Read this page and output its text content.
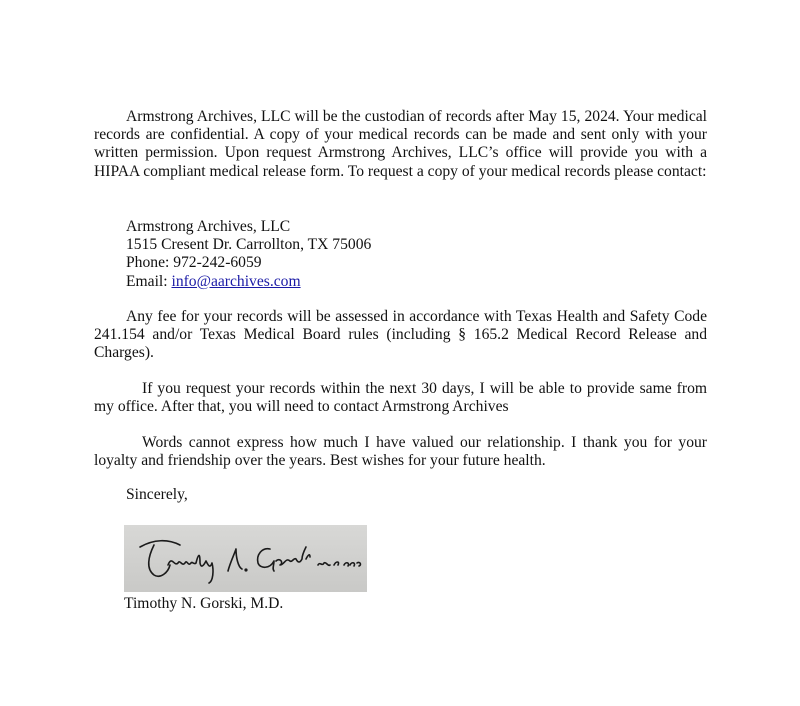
Armstrong Archives, LLC will be the custodian of records after May 15, 2024. Your medical records are confidential. A copy of your medical records can be made and sent only with your written permission. Upon request Armstrong Archives, LLC’s office will provide you with a HIPAA compliant medical release form. To request a copy of your medical records please contact:

Armstrong Archives, LLC
1515 Cresent Dr. Carrollton, TX 75006
Phone: 972-242-6059
Email: info@aarchives.com

Any fee for your records will be assessed in accordance with Texas Health and Safety Code 241.154 and/or Texas Medical Board rules (including § 165.2 Medical Record Release and Charges).

If you request your records within the next 30 days, I will be able to provide same from my office. After that, you will need to contact Armstrong Archives

Words cannot express how much I have valued our relationship. I thank you for your loyalty and friendship over the years. Best wishes for your future health.

Sincerely,
Timothy N. Gorski, M.D.
